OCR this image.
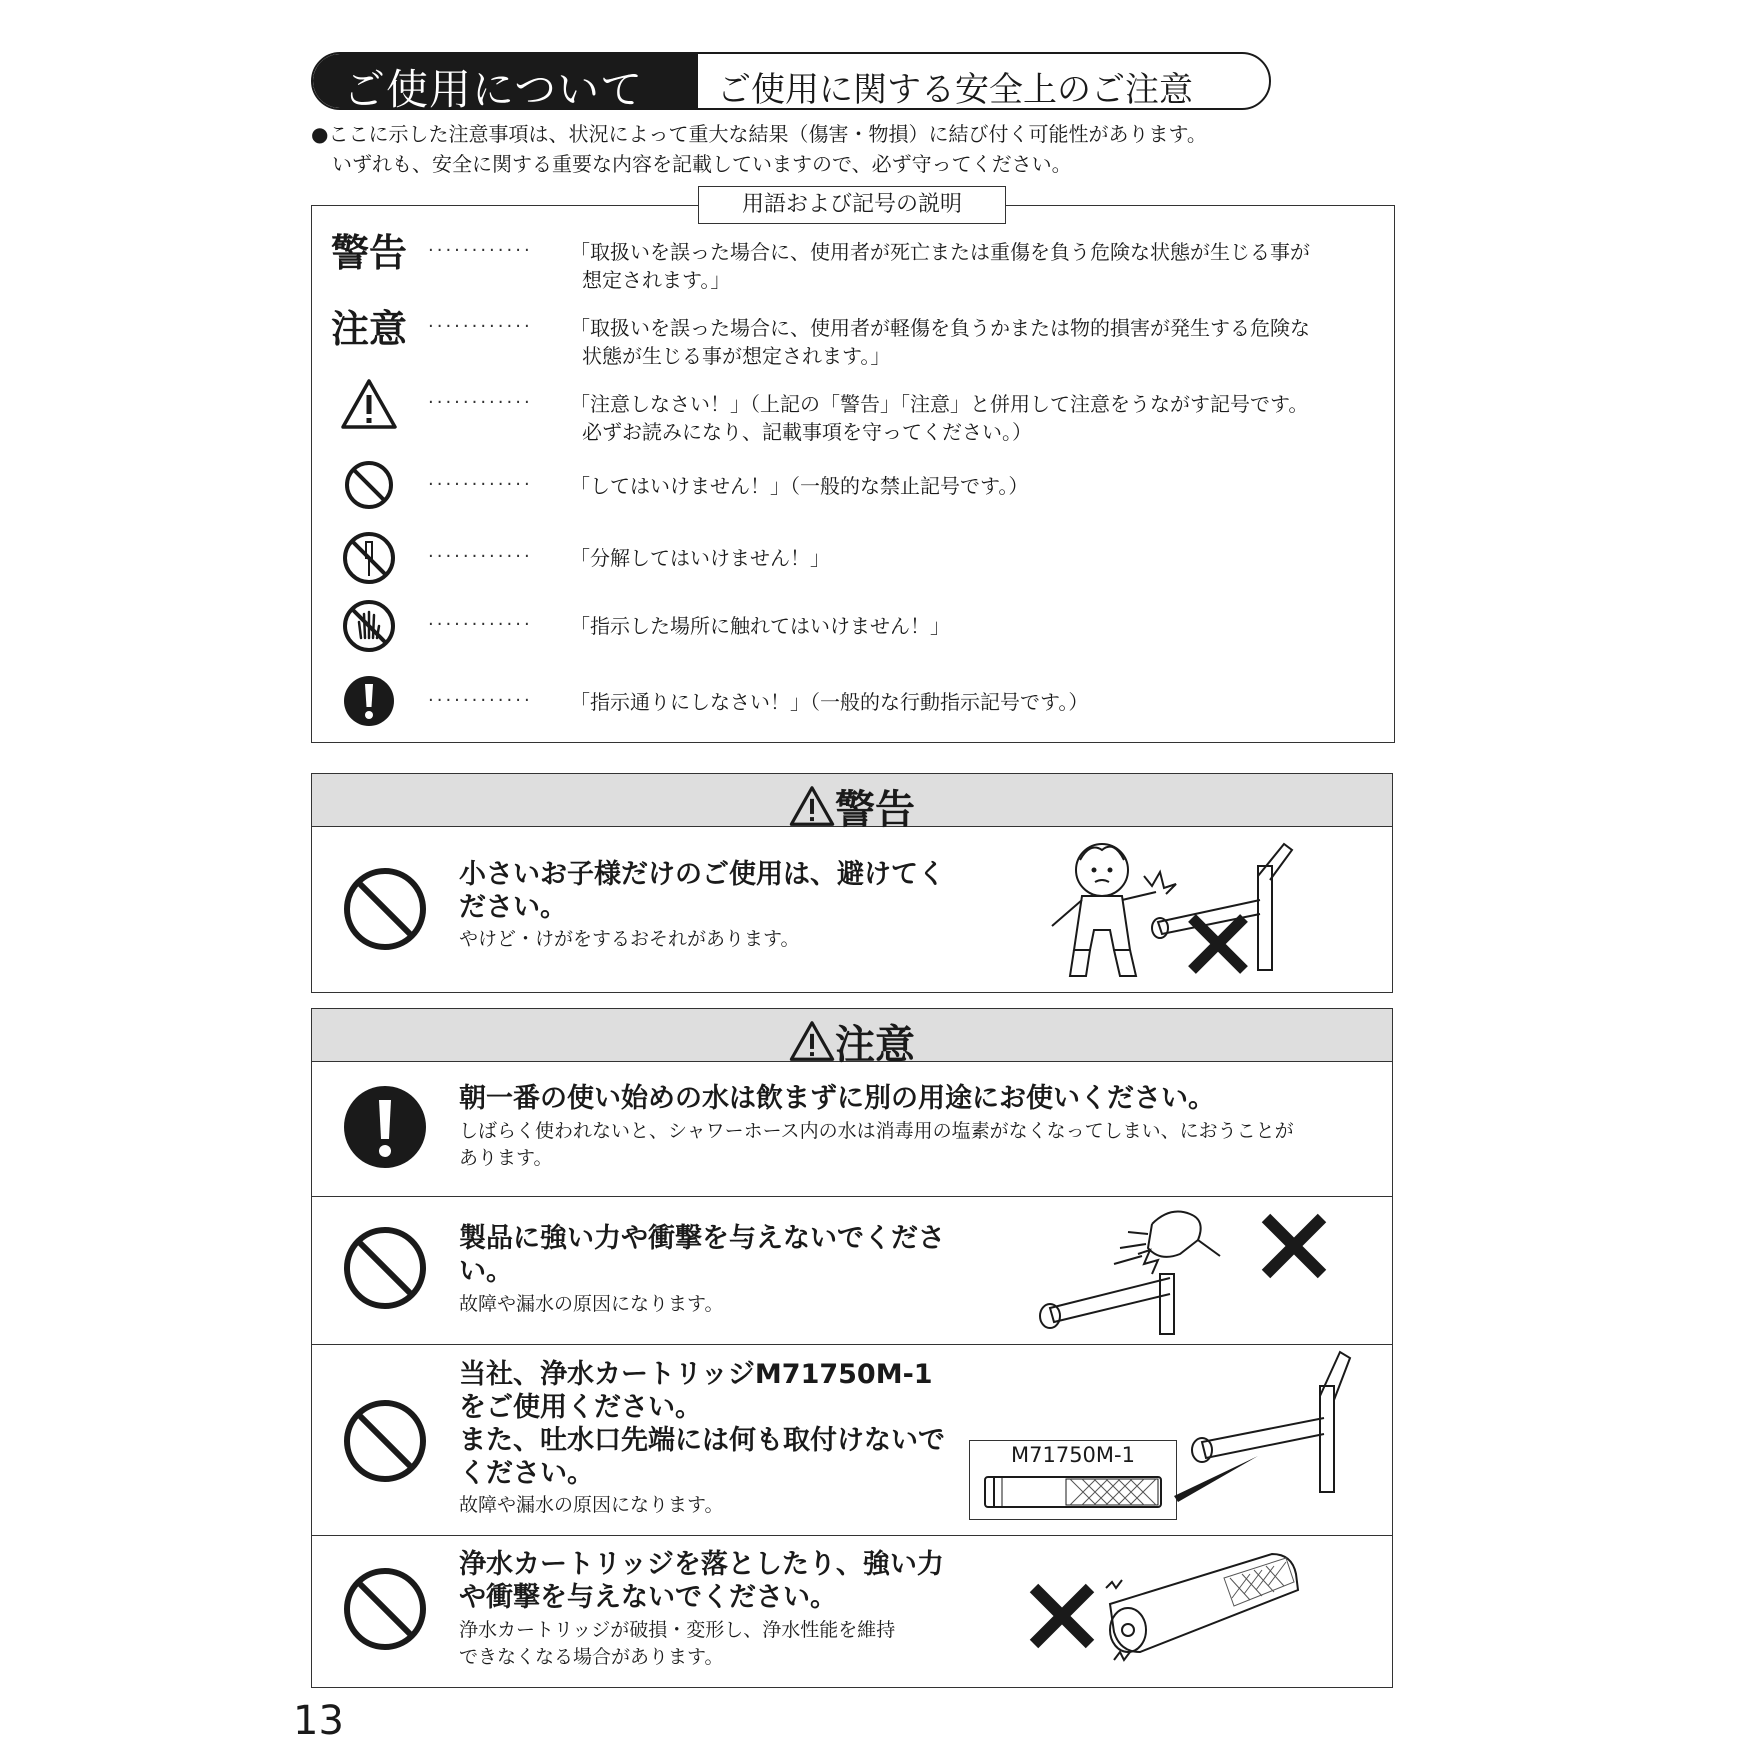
ご使用について ご使用に関する安全上のご注意
●ここに示した注意事項は、状況によって重大な結果（傷害・物損）に結び付く可能性があります。
いずれも、安全に関する重要な内容を記載していますので、必ず守ってください。
用語および記号の説明
警告 ············ 「取扱いを誤った場合に、使用者が死亡または重傷を負う危険な状態が生じる事が
想定されます。」
注意 ············ 「取扱いを誤った場合に、使用者が軽傷を負うかまたは物的損害が発生する危険な
状態が生じる事が想定されます。」
············ 「注意しなさい！」（上記の「警告」「注意」と併用して注意をうながす記号です。
必ずお読みになり、記載事項を守ってください。）
············ 「してはいけません！」（一般的な禁止記号です。）
············ 「分解してはいけません！」
············ 「指示した場所に触れてはいけません！」
············ 「指示通りにしなさい！」（一般的な行動指示記号です。）
警告
小さいお子様だけのご使用は、避けてく
ださい。
やけど・けがをするおそれがあります。
注意
朝一番の使い始めの水は飲まずに別の用途にお使いください。
しばらく使われないと、シャワーホース内の水は消毒用の塩素がなくなってしまい、におうことが
あります。
製品に強い力や衝撃を与えないでくださ
い。
故障や漏水の原因になります。
当社、浄水カートリッジM71750M-1
をご使用ください。
また、吐水口先端には何も取付けないで
ください。
故障や漏水の原因になります。
M71750M-1
浄水カートリッジを落としたり、強い力
や衝撃を与えないでください。
浄水カートリッジが破損・変形し、浄水性能を維持
できなくなる場合があります。
13
